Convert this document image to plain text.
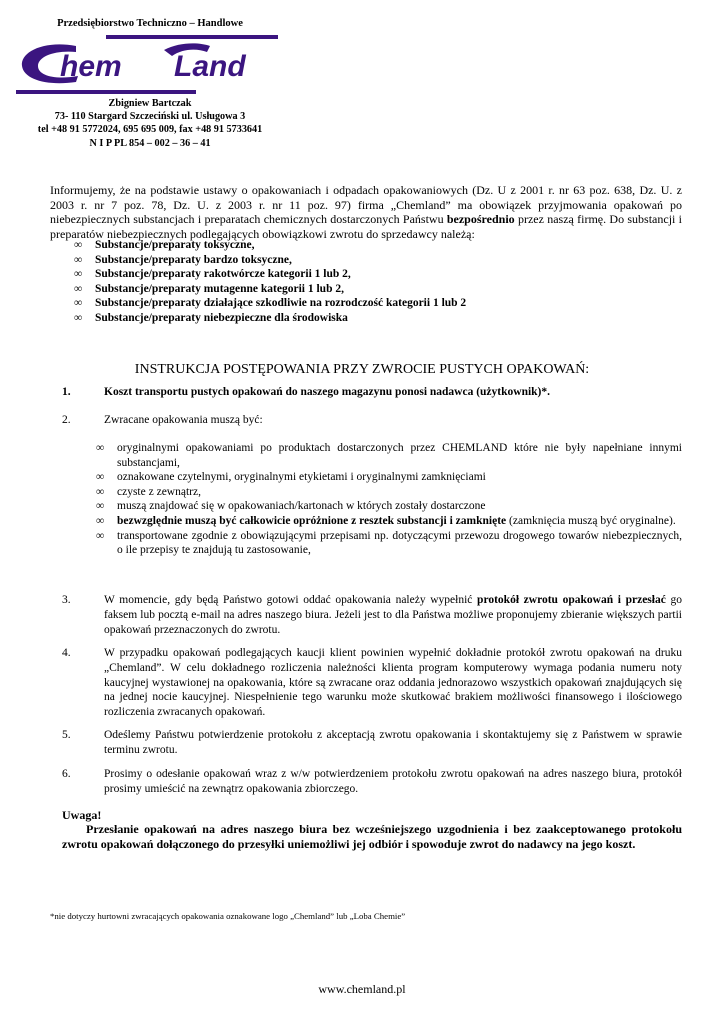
Przedsiębiorstwo Techniczno – Handlowe
hem Land
Zbigniew Bartczak
73- 110 Stargard Szczeciński ul. Usługowa 3
tel +48 91 5772024, 695 695 009, fax +48 91 5733641
N I P PL 854 – 002 – 36 – 41
Informujemy, że na podstawie ustawy o opakowaniach i odpadach opakowaniowych (Dz. U z 2001 r. nr 63 poz. 638, Dz. U. z 2003 r. nr 7 poz. 78, Dz. U. z 2003 r. nr 11 poz. 97) firma „Chemland” ma obowiązek przyjmowania opakowań po niebezpiecznych substancjach i preparatach chemicznych dostarczonych Państwu bezpośrednio przez naszą firmę. Do substancji i preparatów niebezpiecznych podlegających obowiązkowi zwrotu do sprzedawcy należą:
∞ Substancje/preparaty toksyczne,
∞ Substancje/preparaty bardzo toksyczne,
∞ Substancje/preparaty rakotwórcze kategorii 1 lub 2,
∞ Substancje/preparaty mutagenne kategorii 1 lub 2,
∞ Substancje/preparaty działające szkodliwie na rozrodczość kategorii 1 lub 2
∞ Substancje/preparaty niebezpieczne dla środowiska
INSTRUKCJA POSTĘPOWANIA PRZY ZWROCIE PUSTYCH OPAKOWAŃ:
1.	Koszt transportu pustych opakowań do naszego magazynu ponosi nadawca (użytkownik)*.
2.	Zwracane opakowania muszą być:
∞ oryginalnymi opakowaniami po produktach dostarczonych przez CHEMLAND które nie były napełniane innymi substancjami,
∞ oznakowane czytelnymi, oryginalnymi etykietami i oryginalnymi zamknięciami
∞ czyste z zewnątrz,
∞ muszą znajdować się w opakowaniach/kartonach w których zostały dostarczone
∞ bezwzględnie muszą być całkowicie opróżnione z resztek substancji i zamknięte (zamknięcia muszą być oryginalne).
∞ transportowane zgodnie z obowiązującymi przepisami np. dotyczącymi przewozu drogowego towarów niebezpiecznych, o ile przepisy te znajdują tu zastosowanie,
3.	W momencie, gdy będą Państwo gotowi oddać opakowania należy wypełnić protokół zwrotu opakowań i przesłać go faksem lub pocztą e-mail na adres naszego biura. Jeżeli jest to dla Państwa możliwe proponujemy zbieranie większych partii opakowań przeznaczonych do zwrotu.
4.	W przypadku opakowań podlegających kaucji klient powinien wypełnić dokładnie protokół zwrotu opakowań na druku „Chemland”. W celu dokładnego rozliczenia należności klienta program komputerowy wymaga podania numeru noty kaucyjnej wystawionej na opakowania, które są zwracane oraz oddania jednorazowo wszystkich opakowań znajdujących się na jednej nocie kaucyjnej. Niespełnienie tego warunku może skutkować brakiem możliwości finansowego i ilościowego rozliczenia zwracanych opakowań.
5.	Odeślemy Państwu potwierdzenie protokołu z akceptacją zwrotu opakowania i skontaktujemy się z Państwem w sprawie terminu zwrotu.
6.	Prosimy o odesłanie opakowań wraz z w/w potwierdzeniem protokołu zwrotu opakowań na adres naszego biura, protokół prosimy umieścić na zewnątrz opakowania zbiorczego.
Uwaga!
Przesłanie opakowań na adres naszego biura bez wcześniejszego uzgodnienia i bez zaakceptowanego protokołu zwrotu opakowań dołączonego do przesyłki uniemożliwi jej odbiór i spowoduje zwrot do nadawcy na jego koszt.
*nie dotyczy hurtowni zwracających opakowania oznakowane logo „Chemland” lub „Loba Chemie”
www.chemland.pl
